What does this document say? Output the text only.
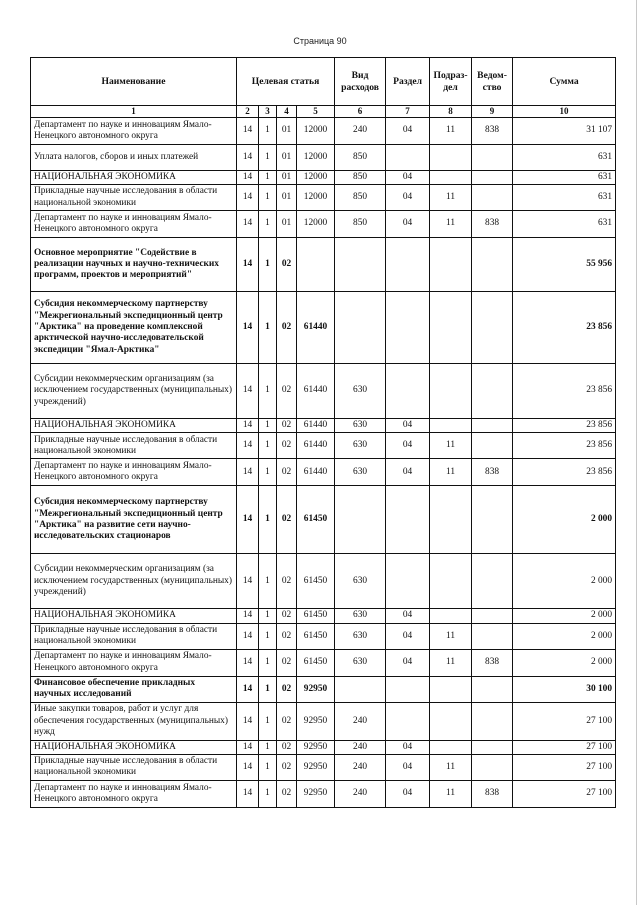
Страница 90
Наименование	Целевая статья				Вид расходов	Раздел	Подраз-дел	Ведом-ство	Сумма
1	2	3	4	5	6	7	8	9	10
Департамент по науке и инновациям Ямало-Ненецкого автономного округа	14	1	01	12000	240	04	11	838	31 107
Уплата налогов, сборов и иных платежей	14	1	01	12000	850				631
НАЦИОНАЛЬНАЯ ЭКОНОМИКА	14	1	01	12000	850	04			631
Прикладные научные исследования в области национальной экономики	14	1	01	12000	850	04	11		631
Департамент по науке и инновациям Ямало-Ненецкого автономного округа	14	1	01	12000	850	04	11	838	631
Основное мероприятие "Содействие в реализации научных и научно-технических программ, проектов и мероприятий"	14	1	02						55 956
Субсидия некоммерческому партнерству "Межрегиональный экспедиционный центр "Арктика" на проведение комплексной арктической научно-исследовательской экспедиции "Ямал-Арктика"	14	1	02	61440					23 856
Субсидии некоммерческим организациям (за исключением государственных (муниципальных) учреждений)	14	1	02	61440	630				23 856
НАЦИОНАЛЬНАЯ ЭКОНОМИКА	14	1	02	61440	630	04			23 856
Прикладные научные исследования в области национальной экономики	14	1	02	61440	630	04	11		23 856
Департамент по науке и инновациям Ямало-Ненецкого автономного округа	14	1	02	61440	630	04	11	838	23 856
Субсидия некоммерческому партнерству "Межрегиональный экспедиционный центр "Арктика" на развитие сети научно-исследовательских стационаров	14	1	02	61450					2 000
Субсидии некоммерческим организациям (за исключением государственных (муниципальных) учреждений)	14	1	02	61450	630				2 000
НАЦИОНАЛЬНАЯ ЭКОНОМИКА	14	1	02	61450	630	04			2 000
Прикладные научные исследования в области национальной экономики	14	1	02	61450	630	04	11		2 000
Департамент по науке и инновациям Ямало-Ненецкого автономного округа	14	1	02	61450	630	04	11	838	2 000
Финансовое обеспечение прикладных научных исследований	14	1	02	92950					30 100
Иные закупки товаров, работ и услуг для обеспечения государственных (муниципальных) нужд	14	1	02	92950	240				27 100
НАЦИОНАЛЬНАЯ ЭКОНОМИКА	14	1	02	92950	240	04			27 100
Прикладные научные исследования в области национальной экономики	14	1	02	92950	240	04	11		27 100
Департамент по науке и инновациям Ямало-Ненецкого автономного округа	14	1	02	92950	240	04	11	838	27 100
